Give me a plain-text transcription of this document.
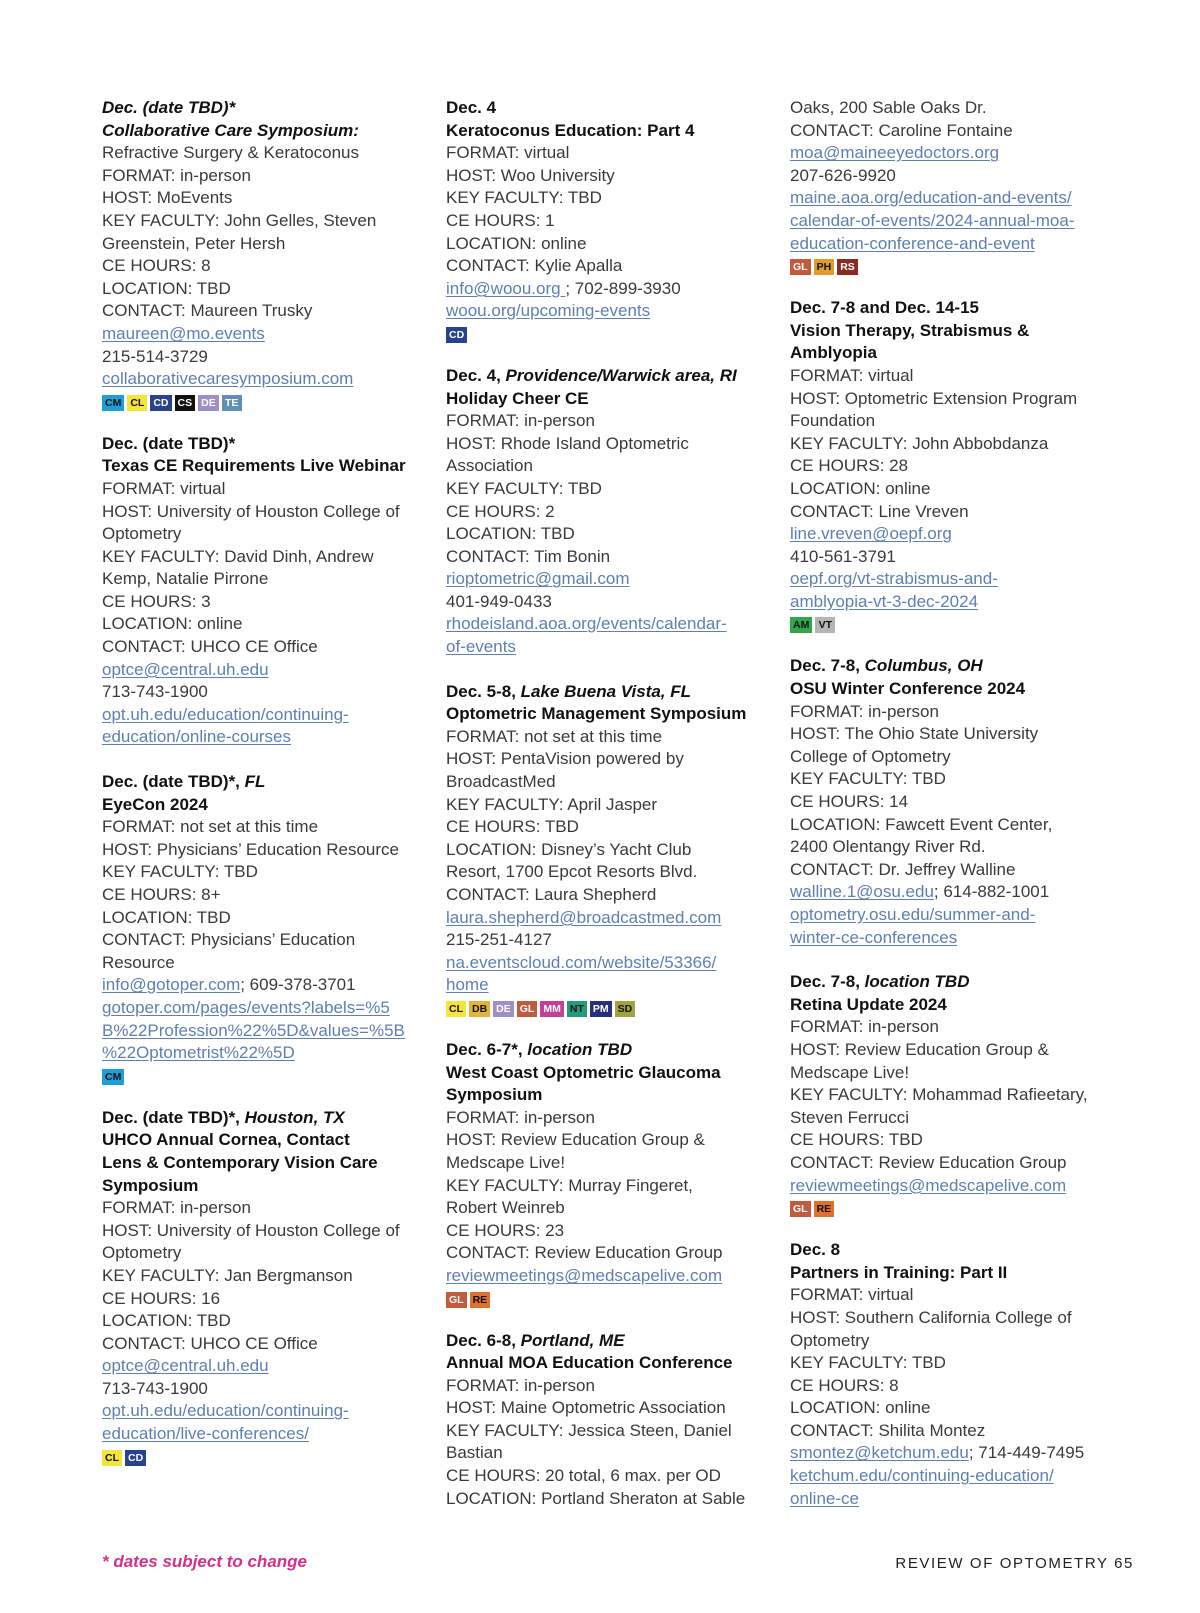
Dec. (date TBD)*
Collaborative Care Symposium:
Refractive Surgery & Keratoconus
FORMAT: in-person
HOST: MoEvents
KEY FACULTY: John Gelles, Steven
Greenstein, Peter Hersh
CE HOURS: 8
LOCATION: TBD
CONTACT: Maureen Trusky
maureen@mo.events
215-514-3729
collaborativecaresymposium.com
CM CL CD CS DE TE
Dec. (date TBD)*
Texas CE Requirements Live Webinar
FORMAT: virtual
HOST: University of Houston College of
Optometry
KEY FACULTY: David Dinh, Andrew
Kemp, Natalie Pirrone
CE HOURS: 3
LOCATION: online
CONTACT: UHCO CE Office
optce@central.uh.edu
713-743-1900
opt.uh.edu/education/continuing-
education/online-courses
Dec. (date TBD)*, FL
EyeCon 2024
FORMAT: not set at this time
HOST: Physicians’ Education Resource
KEY FACULTY: TBD
CE HOURS: 8+
LOCATION: TBD
CONTACT: Physicians’ Education
Resource
info@gotoper.com; 609-378-3701
gotoper.com/pages/events?labels=%5
B%22Profession%22%5D&values=%5B
%22Optometrist%22%5D
CM
Dec. (date TBD)*, Houston, TX
UHCO Annual Cornea, Contact
Lens & Contemporary Vision Care
Symposium
FORMAT: in-person
HOST: University of Houston College of
Optometry
KEY FACULTY: Jan Bergmanson
CE HOURS: 16
LOCATION: TBD
CONTACT: UHCO CE Office
optce@central.uh.edu
713-743-1900
opt.uh.edu/education/continuing-
education/live-conferences/
CL CD
Dec. 4
Keratoconus Education: Part 4
FORMAT: virtual
HOST: Woo University
KEY FACULTY: TBD
CE HOURS: 1
LOCATION: online
CONTACT: Kylie Apalla
info@woou.org ; 702-899-3930
woou.org/upcoming-events
CD
Dec. 4, Providence/Warwick area, RI
Holiday Cheer CE
FORMAT: in-person
HOST: Rhode Island Optometric
Association
KEY FACULTY: TBD
CE HOURS: 2
LOCATION: TBD
CONTACT: Tim Bonin
rioptometric@gmail.com
401-949-0433
rhodeisland.aoa.org/events/calendar-
of-events
Dec. 5-8, Lake Buena Vista, FL
Optometric Management Symposium
FORMAT: not set at this time
HOST: PentaVision powered by
BroadcastMed
KEY FACULTY: April Jasper
CE HOURS: TBD
LOCATION: Disney’s Yacht Club
Resort, 1700 Epcot Resorts Blvd.
CONTACT: Laura Shepherd
laura.shepherd@broadcastmed.com
215-251-4127
na.eventscloud.com/website/53366/
home
CL DB DE GL MM NT PM SD
Dec. 6-7*, location TBD
West Coast Optometric Glaucoma
Symposium
FORMAT: in-person
HOST: Review Education Group &
Medscape Live!
KEY FACULTY: Murray Fingeret,
Robert Weinreb
CE HOURS: 23
CONTACT: Review Education Group
reviewmeetings@medscapelive.com
GL RE
Dec. 6-8, Portland, ME
Annual MOA Education Conference
FORMAT: in-person
HOST: Maine Optometric Association
KEY FACULTY: Jessica Steen, Daniel
Bastian
CE HOURS: 20 total, 6 max. per OD
LOCATION: Portland Sheraton at Sable
Oaks, 200 Sable Oaks Dr.
CONTACT: Caroline Fontaine
moa@maineeyedoctors.org
207-626-9920
maine.aoa.org/education-and-events/
calendar-of-events/2024-annual-moa-
education-conference-and-event
GL PH RS
Dec. 7-8 and Dec. 14-15
Vision Therapy, Strabismus &
Amblyopia
FORMAT: virtual
HOST: Optometric Extension Program
Foundation
KEY FACULTY: John Abbobdanza
CE HOURS: 28
LOCATION: online
CONTACT: Line Vreven
line.vreven@oepf.org
410-561-3791
oepf.org/vt-strabismus-and-
amblyopia-vt-3-dec-2024
AM VT
Dec. 7-8, Columbus, OH
OSU Winter Conference 2024
FORMAT: in-person
HOST: The Ohio State University
College of Optometry
KEY FACULTY: TBD
CE HOURS: 14
LOCATION: Fawcett Event Center,
2400 Olentangy River Rd.
CONTACT: Dr. Jeffrey Walline
walline.1@osu.edu; 614-882-1001
optometry.osu.edu/summer-and-
winter-ce-conferences
Dec. 7-8, location TBD
Retina Update 2024
FORMAT: in-person
HOST: Review Education Group &
Medscape Live!
KEY FACULTY: Mohammad Rafieetary,
Steven Ferrucci
CE HOURS: TBD
CONTACT: Review Education Group
reviewmeetings@medscapelive.com
GL RE
Dec. 8
Partners in Training: Part II
FORMAT: virtual
HOST: Southern California College of
Optometry
KEY FACULTY: TBD
CE HOURS: 8
LOCATION: online
CONTACT: Shilita Montez
smontez@ketchum.edu; 714-449-7495
ketchum.edu/continuing-education/
online-ce
* dates subject to change	REVIEW OF OPTOMETRY 65
